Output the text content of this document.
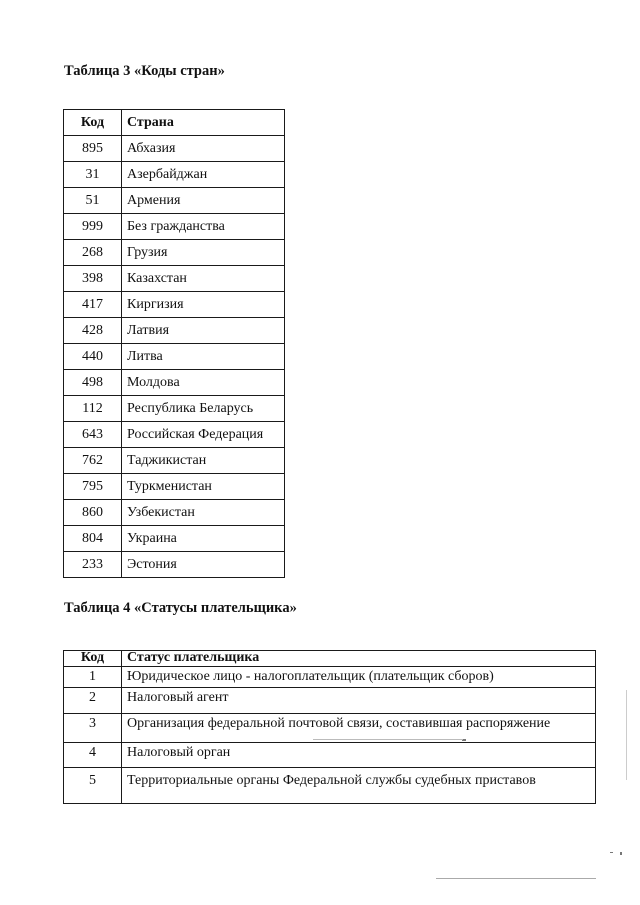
Таблица 3 «Коды стран»
Код	Страна
895	Абхазия
31	Азербайджан
51	Армения
999	Без гражданства
268	Грузия
398	Казахстан
417	Киргизия
428	Латвия
440	Литва
498	Молдова
112	Республика Беларусь
643	Российская Федерация
762	Таджикистан
795	Туркменистан
860	Узбекистан
804	Украина
233	Эстония
Таблица 4 «Статусы плательщика»
Код	Статус плательщика
1	Юридическое лицо - налогоплательщик (плательщик сборов)
2	Налоговый агент
3	Организация федеральной почтовой связи, составившая распоряжение
4	Налоговый орган
5	Территориальные органы Федеральной службы судебных приставов
